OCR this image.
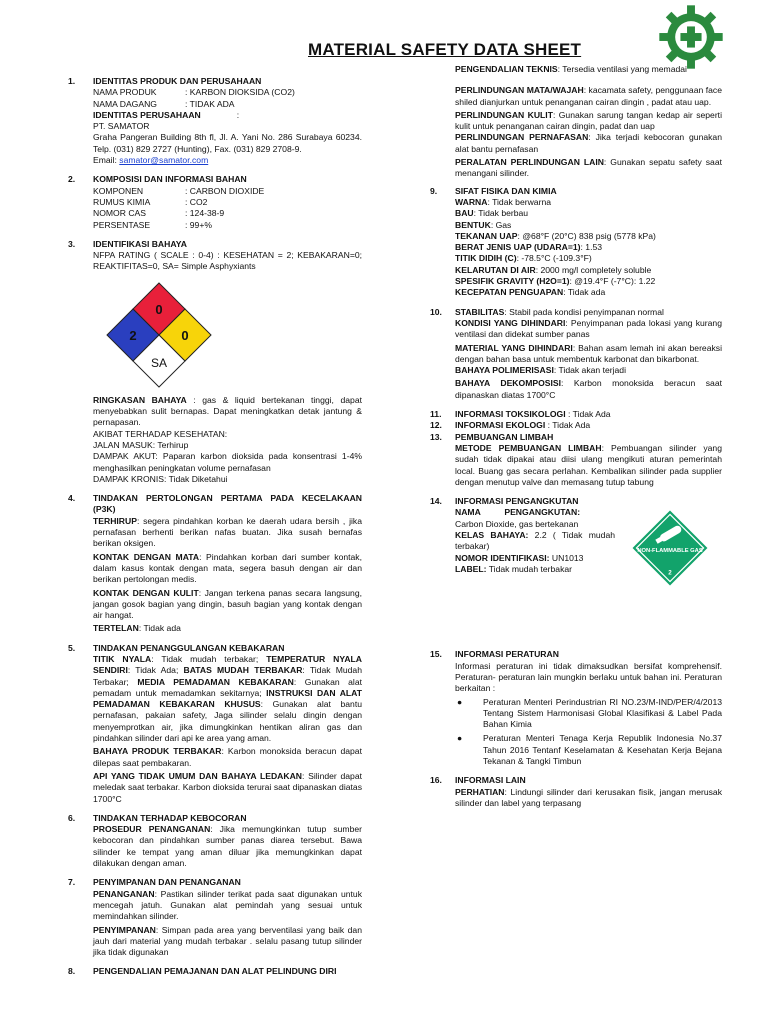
MATERIAL SAFETY DATA SHEET
1. IDENTITAS PRODUK DAN PERUSAHAAN
NAMA PRODUK	: KARBON DIOKSIDA (CO2)
NAMA DAGANG	: TIDAK ADA
IDENTITAS PERUSAHAAN	:
PT. SAMATOR

Graha Pangeran Building 8th fl, Jl. A. Yani No. 286 Surabaya 60234. Telp. (031) 829 2727 (Hunting), Fax. (031) 829 2708-9.

Email: samator@samator.com
2. KOMPOSISI DAN INFORMASI BAHAN
KOMPONEN	: CARBON DIOXIDE
RUMUS KIMIA	: CO2
NOMOR CAS	: 124-38-9
PERSENTASE	: 99+%
3. IDENTIFIKASI BAHAYA

NFPA RATING ( SCALE : 0-4) : KESEHATAN = 2; KEBAKARAN=0; REAKTIFITAS=0, SA= Simple Asphyxiants

0
2	0
SA

RINGKASAN BAHAYA : gas & liquid bertekanan tinggi, dapat menyebabkan sulit bernapas. Dapat meningkatkan detak jantung & pernapasan.

AKIBAT TERHADAP KESEHATAN:
JALAN MASUK: Terhirup

DAMPAK AKUT: Paparan karbon dioksida pada konsentrasi 1-4% menghasilkan peningkatan volume pernafasan

DAMPAK KRONIS: Tidak Diketahui
4. TINDAKAN PERTOLONGAN PERTAMA PADA KECELAKAAN (P3K)

TERHIRUP: segera pindahkan korban ke daerah udara bersih , jika pernafasan berhenti berikan nafas buatan. Jika susah bernafas berikan oksigen.

KONTAK DENGAN MATA: Pindahkan korban dari sumber kontak, dalam kasus kontak dengan mata, segera basuh dengan air dan berikan pertolongan medis.

KONTAK DENGAN KULIT: Jangan terkena panas secara langsung, jangan gosok bagian yang dingin, basuh bagian yang kontak dengan air hangat.

TERTELAN: Tidak ada

5. TINDAKAN PENANGGULANGAN KEBAKARAN

TITIK NYALA: Tidak mudah terbakar; TEMPERATUR NYALA SENDIRI: Tidak Ada; BATAS MUDAH TERBAKAR: Tidak Mudah Terbakar; MEDIA PEMADAMAN KEBAKARAN: Gunakan alat pemadam untuk memadamkan sekitarnya; INSTRUKSI DAN ALAT PEMADAMAN KEBAKARAN KHUSUS: Gunakan alat bantu pernafasan, pakaian safety, Jaga silinder selalu dingin dengan menyemprotkan air, jika dimungkinkan hentikan aliran gas dan pindahkan silinder dari api ke area yang aman.

BAHAYA PRODUK TERBAKAR: Karbon monoksida beracun dapat dilepas saat pembakaran.

API YANG TIDAK UMUM DAN BAHAYA LEDAKAN: Silinder dapat meledak saat terbakar. Karbon dioksida terurai saat dipanaskan diatas 1700°C

6. TINDAKAN TERHADAP KEBOCORAN

PROSEDUR PENANGANAN: Jika memungkinkan tutup sumber kebocoran dan pindahkan sumber panas diarea tersebut. Bawa silinder ke tempat yang aman diluar jika memungkinkan dapat dilakukan dengan aman.

7. PENYIMPANAN DAN PENANGANAN

PENANGANAN: Pastikan silinder terikat pada saat digunakan untuk mencegah jatuh. Gunakan alat pemindah yang sesuai untuk memindahkan silinder.

PENYIMPANAN: Simpan pada area yang berventilasi yang baik dan jauh dari material yang mudah terbakar . selalu pasang tutup silinder jika tidak digunakan

8. PENGENDALIAN PEMAJANAN DAN ALAT PELINDUNG DIRI

PENGENDALIAN TEKNIS: Tersedia ventilasi yang memadai

PERLINDUNGAN MATA/WAJAH: kacamata safety, penggunaan face shiled dianjurkan untuk penanganan cairan dingin , padat atau uap.

PERLINDUNGAN KULIT: Gunakan sarung tangan kedap air seperti kulit untuk penanganan cairan dingin, padat dan uap

PERLINDUNGAN PERNAFASAN: Jika terjadi kebocoran gunakan alat bantu pernafasan

PERALATAN PERLINDUNGAN LAIN: Gunakan sepatu safety saat menangani silinder.

9. SIFAT FISIKA DAN KIMIA
WARNA: Tidak berwarna
BAU: Tidak berbau
BENTUK: Gas
TEKANAN UAP: @68°F (20°C) 838 psig (5778 kPa)
BERAT JENIS UAP (UDARA=1): 1.53
TITIK DIDIH (C): -78.5°C (-109.3°F)
KELARUTAN DI AIR: 2000 mg/l completely soluble
SPESIFIK GRAVITY (H2O=1): @19.4°F (-7°C): 1.22
KECEPATAN PENGUAPAN: Tidak ada
10. STABILITAS: Stabil pada kondisi penyimpanan normal

KONDISI YANG DIHINDARI: Penyimpanan pada lokasi yang kurang ventilasi dan didekat sumber panas

MATERIAL YANG DIHINDARI: Bahan asam lemah ini akan bereaksi dengan bahan basa untuk membentuk karbonat dan bikarbonat.

BAHAYA POLIMERISASI: Tidak akan terjadi

BAHAYA DEKOMPOSISI: Karbon monoksida beracun saat dipanaskan diatas 1700°C

11. INFORMASI TOKSIKOLOGI : Tidak Ada
12. INFORMASI EKOLOGI : Tidak Ada
13. PEMBUANGAN LIMBAH

METODE PEMBUANGAN LIMBAH: Pembuangan silinder yang sudah tidak dipakai atau diisi ulang mengikuti aturan pemerintah local. Buang gas secara perlahan. Kembalikan silinder pada supplier dengan menutup valve dan memasang tutup tabung

14. INFORMASI PENGANGKUTAN
NAMA          PENGANGKUTAN:
Carbon Dioxide, gas bertekanan

KELAS BAHAYA: 2.2 ( Tidak mudah terbakar)

NOMOR IDENTIFIKASI: UN1013
LABEL: Tidak mudah terbakar
NON-FLAMMABLE GAS
2
15. INFORMASI PERATURAN

Informasi peraturan ini tidak dimaksudkan bersifat komprehensif. Peraturan- peraturan lain mungkin berlaku untuk bahan ini. Peraturan berkaitan :

● Peraturan Menteri Perindustrian RI NO.23/M-IND/PER/4/2013 Tentang Sistem Harmonisasi Global Klasifikasi & Label Pada Bahan Kimia
● Peraturan Menteri Tenaga Kerja Republik Indonesia No.37 Tahun 2016 Tentanf Keselamatan & Kesehatan Kerja Bejana Tekanan & Tangki Timbun
16. INFORMASI LAIN

PERHATIAN: Lindungi silinder dari kerusakan fisik, jangan merusak silinder dan label yang terpasang
